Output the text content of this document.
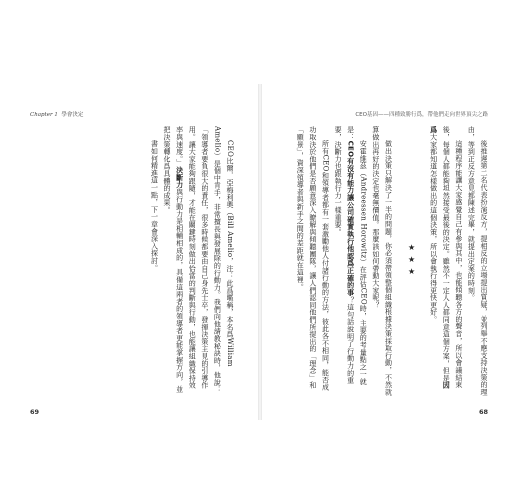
Chapter 1 學會決定

CEO比爾．亞梅利奧（Bill Amelio，注：此爲暱稱，本名爲William Amelio）是個中肯手，非常擅長與發展除的行動力。我們向他請教秘訣時，他說：「領導者要負很大的責任，很多時候都要由自己身先士卒，發揮決策主見的引導作用。讓大家能夠跟隨，才能在關鍵時刻做出恰當的判斷與行動，也能讓組織保持效率與速度。」決斷力與行動力是相輔相成的，具備這兩者的領導者更能掌握方向，並把決策轉化爲具體的成果。

書如何精進這一點，下一章會深入探討。

69
CEO基因——四種致勝行爲，帶他們走向世界頂尖之路

後推遲第二名代表扮演反方，提相反的立場提出質疑，並列舉不應支持決策的理由，等到正反方意見都陳述完畢，就提出定案的時刻。

這種程序能讓大家感覺自己有參與其中，也能傾聽各方的聲音，所以會議結束後，每個人都能夠坦然接受最後的決定。雖然不一定人人都同意這個方案，但是因爲大家都知道怎樣做出的這個決策，所以會執行得更快更好。

★★★

做出決策只解決了一半的問題，你必須帶領整個組織根據決策採取行動，不然就算做出再好的決定也毫無價值。那麼該如何帶動大家呢？

安霍維茲（Andreessen Horowitz）在評估CEO時，主要的考量點之一就是：CEO有沒有能力讓公司確實執行他認爲正確的事？這句話說明了行動力的重要，決斷力也跟執行力一樣重要。

所有CEO和領導者都有一套激勵他人付諸行動的方法，彼此各不相同，能否成功取決於他們是否願意深入瞭解與傾聽團隊，讓人們認同他們所提出的「理念」和「願景」，資深領導者與新手之間的差距就在這裡。

68
